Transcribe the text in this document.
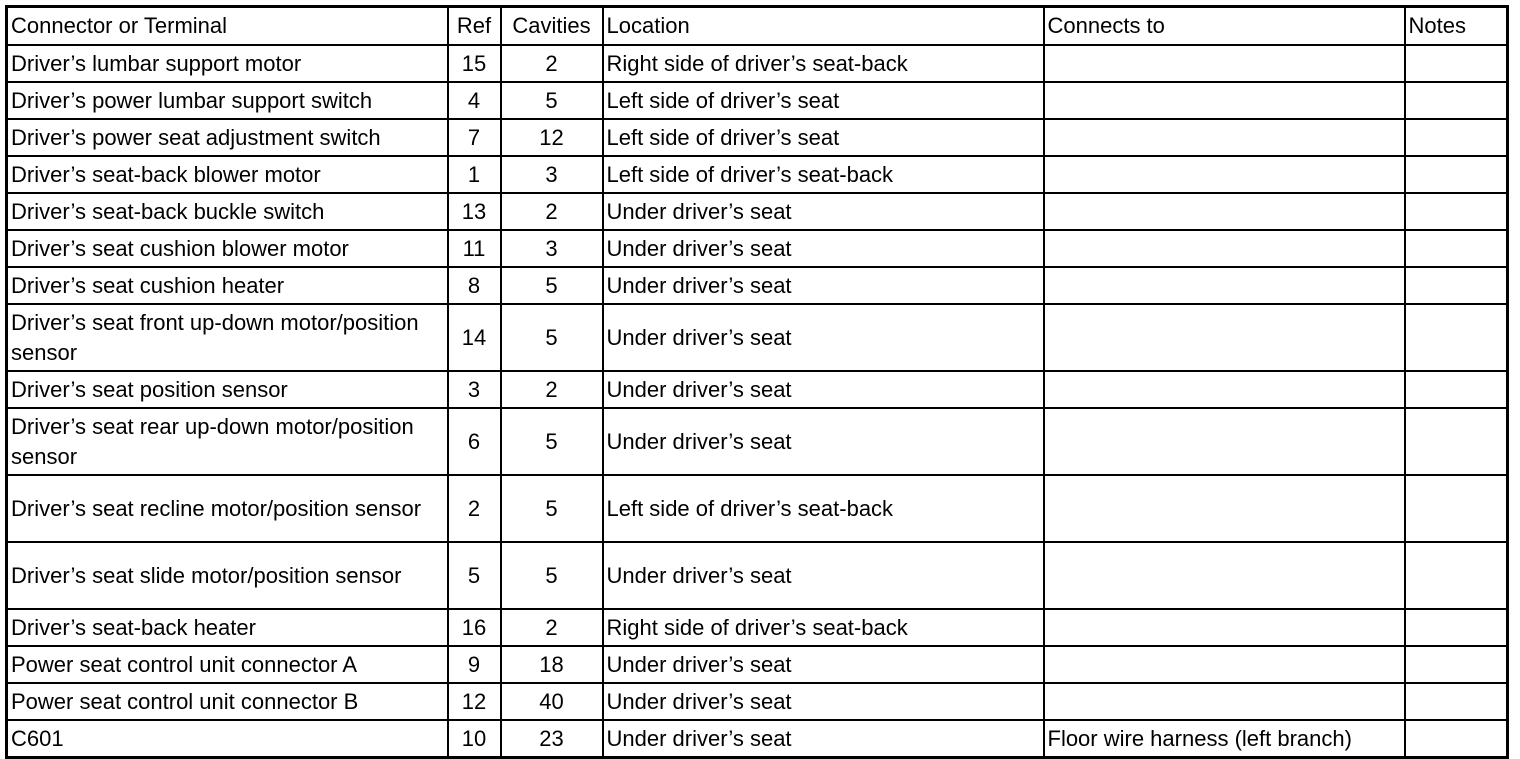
Connector or Terminal	Ref	Cavities	Location	Connects to	Notes
Driver’s lumbar support motor	15	2	Right side of driver’s seat-back		
Driver’s power lumbar support switch	4	5	Left side of driver’s seat		
Driver’s power seat adjustment switch	7	12	Left side of driver’s seat		
Driver’s seat-back blower motor	1	3	Left side of driver’s seat-back		
Driver’s seat-back buckle switch	13	2	Under driver’s seat		
Driver’s seat cushion blower motor	11	3	Under driver’s seat		
Driver’s seat cushion heater	8	5	Under driver’s seat		
Driver’s seat front up-down motor/position sensor	14	5	Under driver’s seat		
Driver’s seat position sensor	3	2	Under driver’s seat		
Driver’s seat rear up-down motor/position sensor	6	5	Under driver’s seat		
Driver’s seat recline motor/position sensor	2	5	Left side of driver’s seat-back		
Driver’s seat slide motor/position sensor	5	5	Under driver’s seat		
Driver’s seat-back heater	16	2	Right side of driver’s seat-back		
Power seat control unit connector A	9	18	Under driver’s seat		
Power seat control unit connector B	12	40	Under driver’s seat		
C601	10	23	Under driver’s seat	Floor wire harness (left branch)	
